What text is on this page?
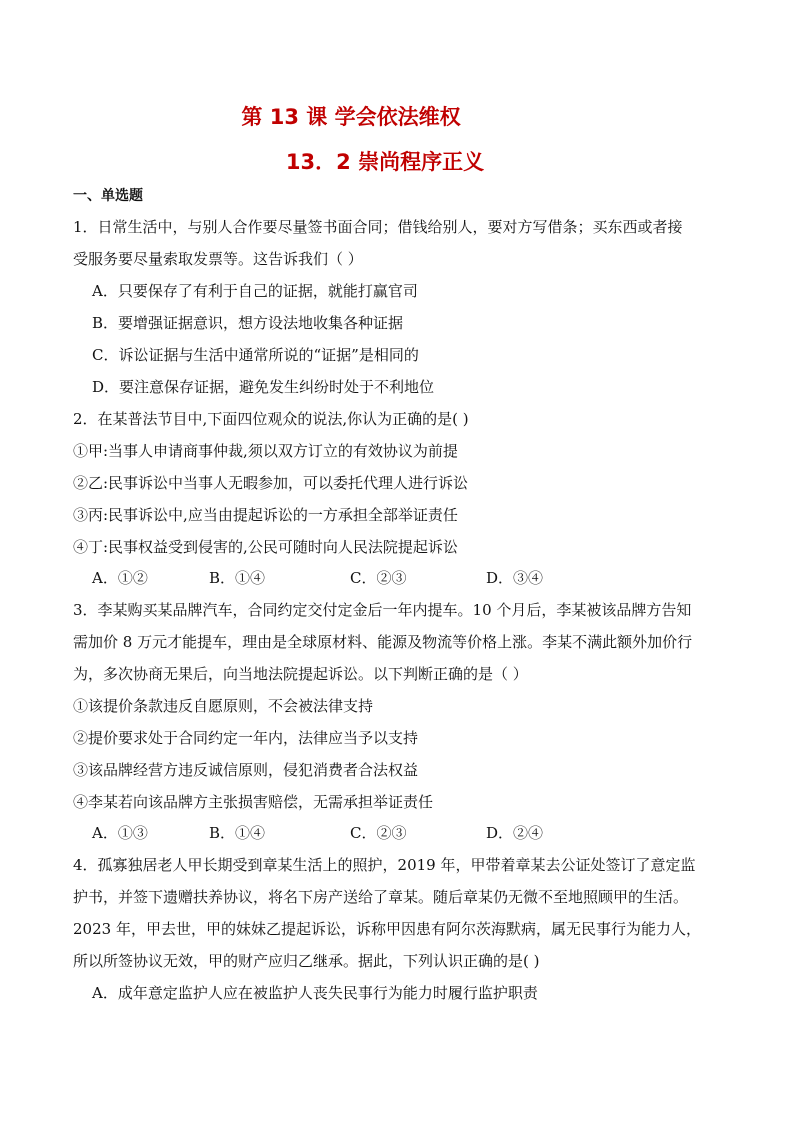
第 13 课 学会依法维权
13．2 崇尚程序正义
一、单选题
1．日常生活中，与别人合作要尽量签书面合同；借钱给别人，要对方写借条；买东西或者接
受服务要尽量索取发票等。这告诉我们（ ）
A．只要保存了有利于自己的证据，就能打赢官司
B．要增强证据意识，想方设法地收集各种证据
C．诉讼证据与生活中通常所说的“证据”是相同的
D．要注意保存证据，避免发生纠纷时处于不利地位
2．在某普法节目中,下面四位观众的说法,你认为正确的是( )
①甲:当事人申请商事仲裁,须以双方订立的有效协议为前提
②乙:民事诉讼中当事人无暇参加，可以委托代理人进行诉讼
③丙:民事诉讼中,应当由提起诉讼的一方承担全部举证责任
④丁:民事权益受到侵害的,公民可随时向人民法院提起诉讼
A．①②	B．①④	C．②③	D．③④
3．李某购买某品牌汽车，合同约定交付定金后一年内提车。10 个月后，李某被该品牌方告知
需加价 8 万元才能提车，理由是全球原材料、能源及物流等价格上涨。李某不满此额外加价行
为，多次协商无果后，向当地法院提起诉讼。以下判断正确的是（ ）
①该提价条款违反自愿原则，不会被法律支持
②提价要求处于合同约定一年内，法律应当予以支持
③该品牌经营方违反诚信原则，侵犯消费者合法权益
④李某若向该品牌方主张损害赔偿，无需承担举证责任
A．①③	B．①④	C．②③	D．②④
4．孤寡独居老人甲长期受到章某生活上的照护，2019 年，甲带着章某去公证处签订了意定监
护书，并签下遗赠扶养协议，将名下房产送给了章某。随后章某仍无微不至地照顾甲的生活。
2023 年，甲去世，甲的妹妹乙提起诉讼，诉称甲因患有阿尔茨海默病，属无民事行为能力人，
所以所签协议无效，甲的财产应归乙继承。据此，下列认识正确的是( )
A．成年意定监护人应在被监护人丧失民事行为能力时履行监护职责
